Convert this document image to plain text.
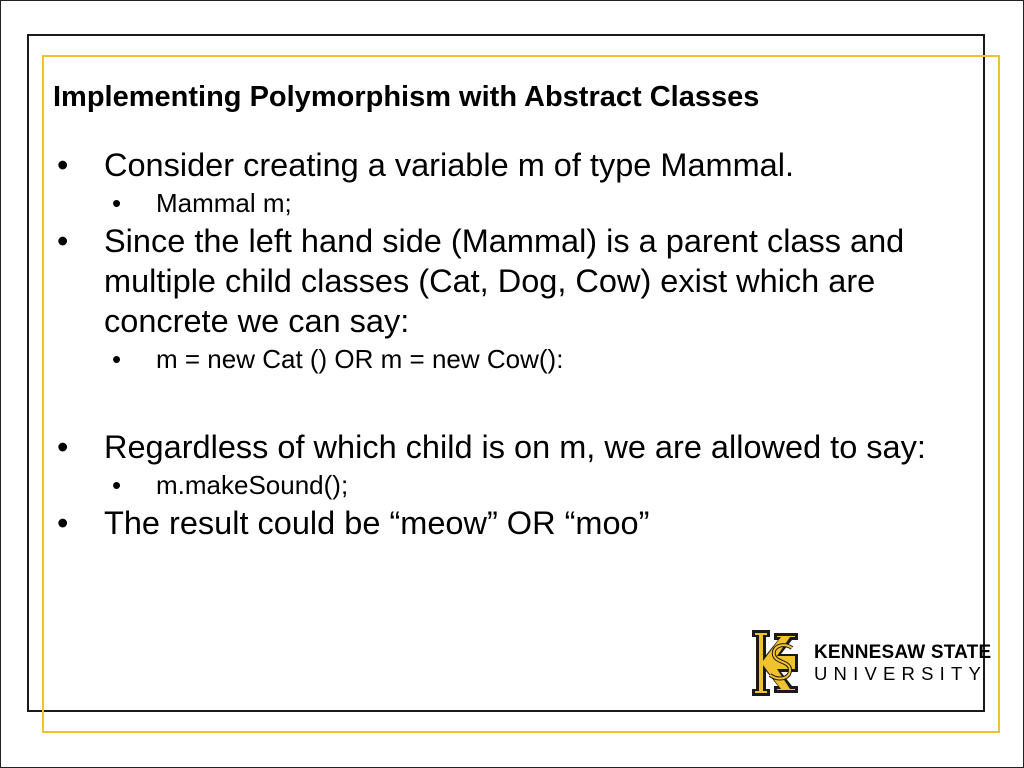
Implementing Polymorphism with Abstract Classes
• Consider creating a variable m of type Mammal.
• Mammal m;
• Since the left hand side (Mammal) is a parent class and multiple child classes (Cat, Dog, Cow) exist which are concrete we can say:
• m = new Cat () OR m = new Cow():
• Regardless of which child is on m, we are allowed to say:
• m.makeSound();
• The result could be “meow” OR “moo”
KENNESAW STATE
UNIVERSITY
